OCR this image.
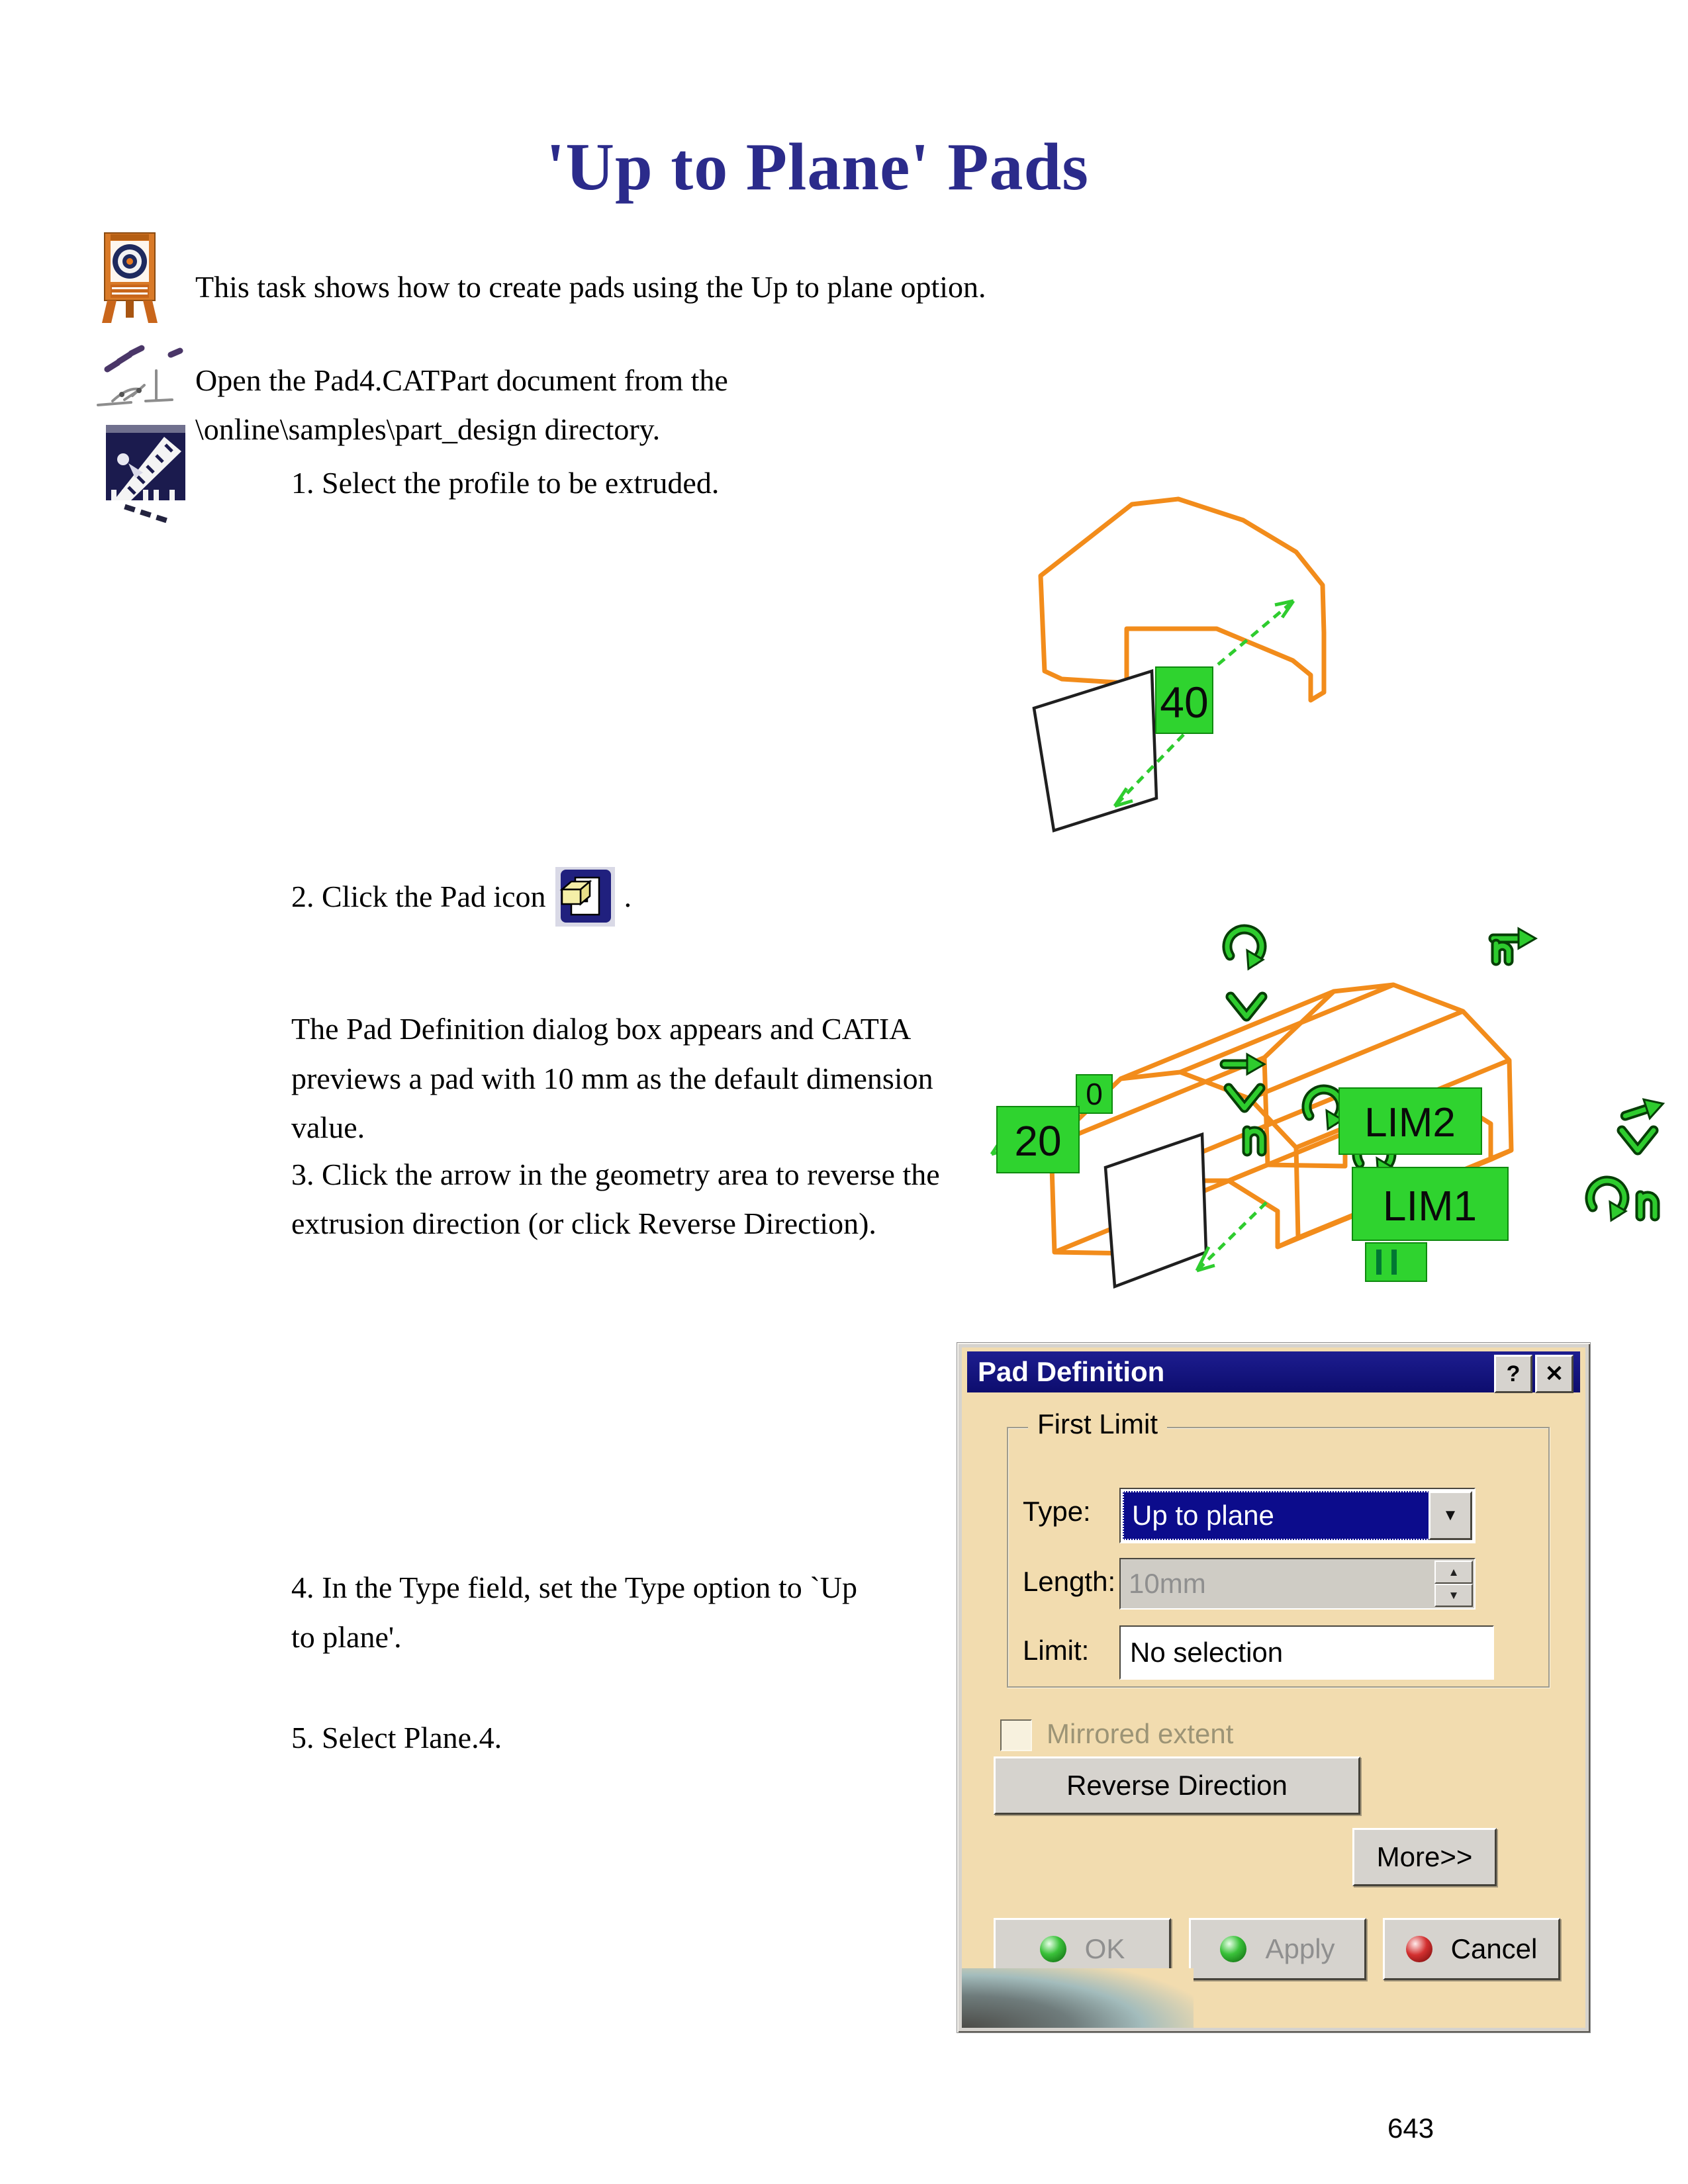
'Up to Plane' Pads

This task shows how to create pads using the Up to plane option.

Open the Pad4.CATPart document from the \online\samples\part_design directory.

1. Select the profile to be extruded.

40
2. Click the Pad icon	.

The Pad Definition dialog box appears and CATIA previews a pad with 10 mm as the default dimension value.

3. Click the arrow in the geometry area to reverse the extrusion direction (or click Reverse Direction).

0
20	LIM2
LIM1
Pad Definition	?	✕
First Limit
Type:	Up to plane	▼
Length: 10mm	▲
▼
Limit: No selection
Mirrored extent
Reverse Direction
More>>
OK	Apply	Cancel

4. In the Type field, set the Type option to `Up to plane'.

5. Select Plane.4.

643
